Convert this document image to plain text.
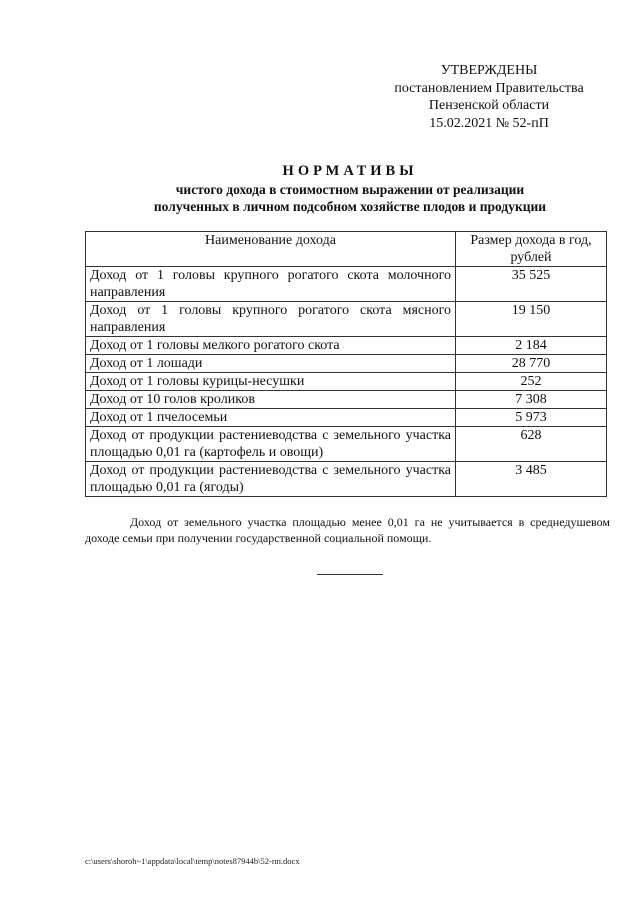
УТВЕРЖДЕНЫ
постановлением Правительства
Пензенской области
15.02.2021 № 52-пП
НОРМАТИВЫ
чистого дохода в стоимостном выражении от реализации
полученных в личном подсобном хозяйстве плодов и продукции
Наименование дохода	Размер дохода в год, рублей
Доход от 1 головы крупного рогатого скота молочного направления	35 525
Доход от 1 головы крупного рогатого скота мясного направления	19 150
Доход от 1 головы мелкого рогатого скота	2 184
Доход от 1 лошади	28 770
Доход от 1 головы курицы-несушки	252
Доход от 10 голов кроликов	7 308
Доход от 1 пчелосемьи	5 973
Доход от продукции растениеводства с земельного участка площадью 0,01 га (картофель и овощи)	628
Доход от продукции растениеводства с земельного участка площадью 0,01 га (ягоды)	3 485

Доход от земельного участка площадью менее 0,01 га не учитывается в среднедушевом доходе семьи при получении государственной социальной помощи.

c:\users\shoroh~1\appdata\local\temp\notes87944b\52-пп.docx
